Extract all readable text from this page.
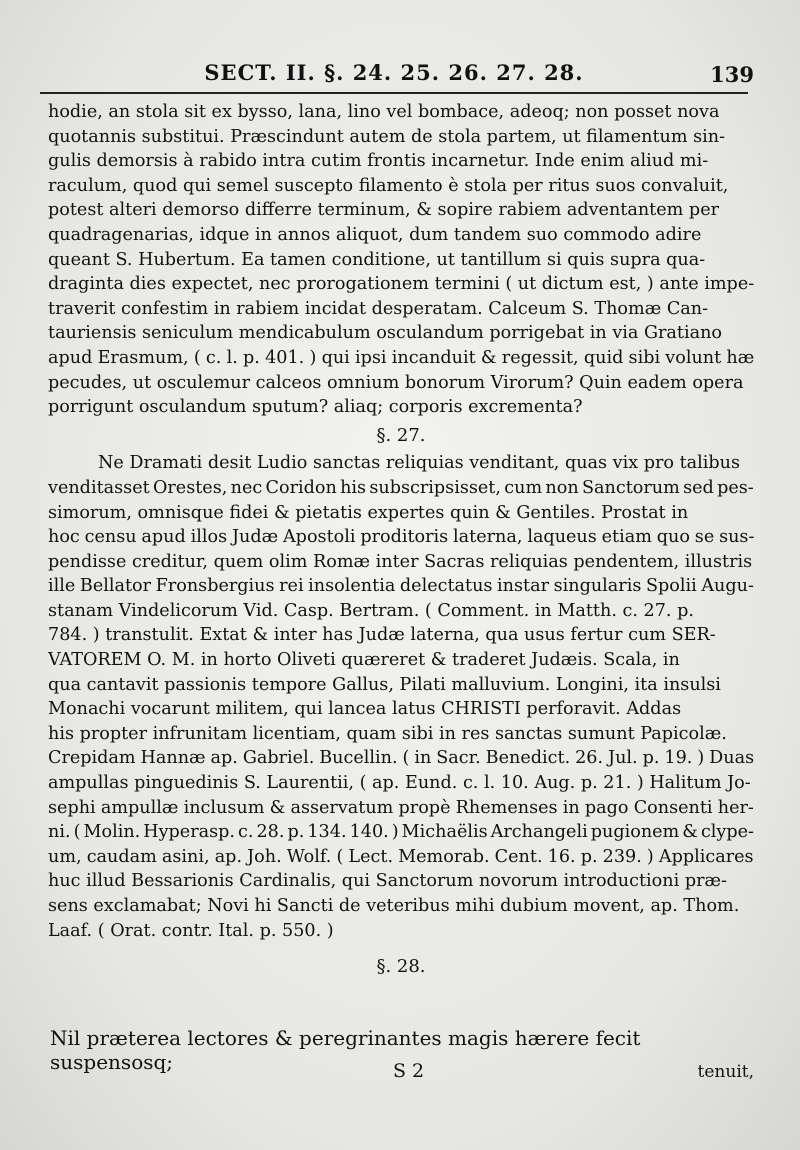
SECT. II. §. 24. 25. 26. 27. 28.	139
hodie, an stola sit ex bysso, lana, lino vel bombace, adeoq; non posset nova
quotannis substitui. Præscindunt autem de stola partem, ut filamentum sin-
gulis demorsis à rabido intra cutim frontis incarnetur. Inde enim aliud mi-
raculum, quod qui semel suscepto filamento è stola per ritus suos convaluit,
potest alteri demorso differre terminum, & sopire rabiem adventantem per
quadragenarias, idque in annos aliquot, dum tandem suo commodo adire
queant S. Hubertum. Ea tamen conditione, ut tantillum si quis supra qua-
draginta dies expectet, nec prorogationem termini ( ut dictum est, ) ante impe-
traverit confestim in rabiem incidat desperatam. Calceum S. Thomæ Can-
tauriensis seniculum mendicabulum osculandum porrigebat in via Gratiano
apud Erasmum, ( c. l. p. 401. ) qui ipsi incanduit & regessit, quid sibi volunt hæ
pecudes, ut osculemur calceos omnium bonorum Virorum? Quin eadem opera
porrigunt osculandum sputum? aliaq; corporis excrementa?
§. 27.
Ne Dramati desit Ludio sanctas reliquias venditant, quas vix pro talibus
venditasset Orestes, nec Coridon his subscripsisset, cum non Sanctorum sed pes-
simorum, omnisque fidei & pietatis expertes quin & Gentiles. Prostat in
hoc censu apud illos Judæ Apostoli proditoris laterna, laqueus etiam quo se sus-
pendisse creditur, quem olim Romæ inter Sacras reliquias pendentem, illustris
ille Bellator Fronsbergius rei insolentia delectatus instar singularis Spolii Augu-
stanam Vindelicorum Vid. Casp. Bertram. ( Comment. in Matth. c. 27. p.
784. ) transtulit. Extat & inter has Judæ laterna, qua usus fertur cum SER-
VATOREM O. M. in horto Oliveti quæreret & traderet Judæis. Scala, in
qua cantavit passionis tempore Gallus, Pilati malluvium. Longini, ita insulsi
Monachi vocarunt militem, qui lancea latus CHRISTI perforavit. Addas
his propter infrunitam licentiam, quam sibi in res sanctas sumunt Papicolæ.
Crepidam Hannæ ap. Gabriel. Bucellin. ( in Sacr. Benedict. 26. Jul. p. 19. ) Duas
ampullas pinguedinis S. Laurentii, ( ap. Eund. c. l. 10. Aug. p. 21. ) Halitum Jo-
sephi ampullæ inclusum & asservatum propè Rhemenses in pago Consenti her-
ni. ( Molin. Hyperasp. c. 28. p. 134. 140. ) Michaëlis Archangeli pugionem & clype-
um, caudam asini, ap. Joh. Wolf. ( Lect. Memorab. Cent. 16. p. 239. ) Applicares
huc illud Bessarionis Cardinalis, qui Sanctorum novorum introductioni præ-
sens exclamabat; Novi hi Sancti de veteribus mihi dubium movent, ap. Thom.
Laaf. ( Orat. contr. Ital. p. 550. )
§. 28.
Nil præterea lectores & peregrinantes magis hærere fecit suspensosq;	S 2	tenuit,
